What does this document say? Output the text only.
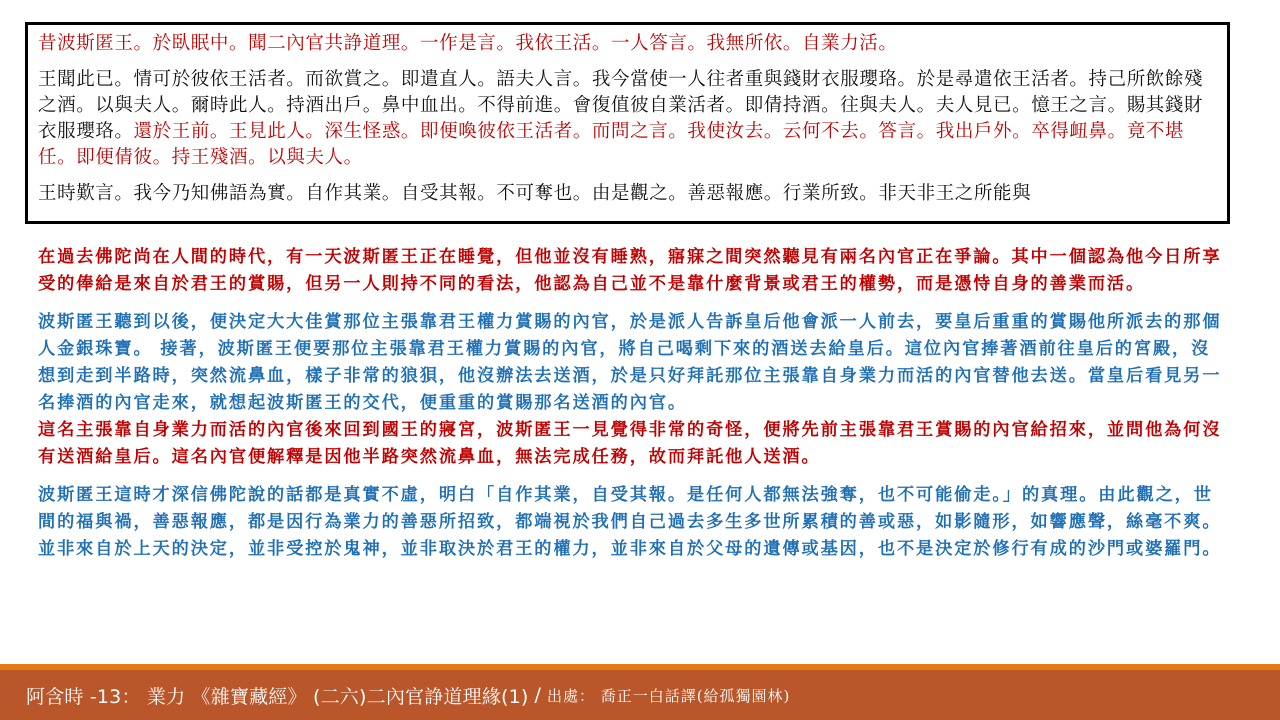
昔波斯匿王。於臥眠中。聞二內官共諍道理。一作是言。我依王活。一人答言。我無所依。自業力活。

王聞此已。情可於彼依王活者。而欲賞之。即遣直人。語夫人言。我今當使一人往者重與錢財衣服瓔珞。於是尋遣依王活者。持己所飲餘殘之酒。以與夫人。爾時此人。持酒出戶。鼻中血出。不得前進。會復值彼自業活者。即倩持酒。往與夫人。夫人見已。憶王之言。賜其錢財衣服瓔珞。還於王前。王見此人。深生怪惑。即便喚彼依王活者。而問之言。我使汝去。云何不去。答言。我出戶外。卒得衄鼻。竟不堪任。即便倩彼。持王殘酒。以與夫人。

王時歎言。我今乃知佛語為實。自作其業。自受其報。不可奪也。由是觀之。善惡報應。行業所致。非天非王之所能與

在過去佛陀尚在人間的時代，有一天波斯匿王正在睡覺，但他並沒有睡熟，寤寐之間突然聽見有兩名內官正在爭論。其中一個認為他今日所享受的俸給是來自於君王的賞賜，但另一人則持不同的看法，他認為自己並不是靠什麼背景或君王的權勢，而是憑恃自身的善業而活。

波斯匿王聽到以後，便決定大大佳賞那位主張靠君王權力賞賜的內官，於是派人告訴皇后他會派一人前去，要皇后重重的賞賜他所派去的那個人金銀珠寶。 接著，波斯匿王便要那位主張靠君王權力賞賜的內官，將自己喝剩下來的酒送去給皇后。這位內官捧著酒前往皇后的宮殿，沒想到走到半路時，突然流鼻血，樣子非常的狼狽，他沒辦法去送酒，於是只好拜託那位主張靠自身業力而活的內官替他去送。當皇后看見另一名捧酒的內官走來，就想起波斯匿王的交代，便重重的賞賜那名送酒的內官。

這名主張靠自身業力而活的內官後來回到國王的寢宮，波斯匿王一見覺得非常的奇怪，便將先前主張靠君王賞賜的內官給招來，並問他為何沒有送酒給皇后。這名內官便解釋是因他半路突然流鼻血，無法完成任務，故而拜託他人送酒。

波斯匿王這時才深信佛陀說的話都是真實不虛，明白「自作其業，自受其報。是任何人都無法強奪，也不可能偷走。」的真理。由此觀之，世間的福與禍，善惡報應，都是因行為業力的善惡所招致，都端視於我們自己過去多生多世所累積的善或惡，如影隨形，如響應聲，絲毫不爽。並非來自於上天的決定，並非受控於鬼神，並非取決於君王的權力，並非來自於父母的遺傳或基因，也不是決定於修行有成的沙門或婆羅門。

阿含時 -13： 業力 《雜寶藏經》 (二六)二內官諍道理緣(1) / 出處： 喬正一白話譯(給孤獨園林)
